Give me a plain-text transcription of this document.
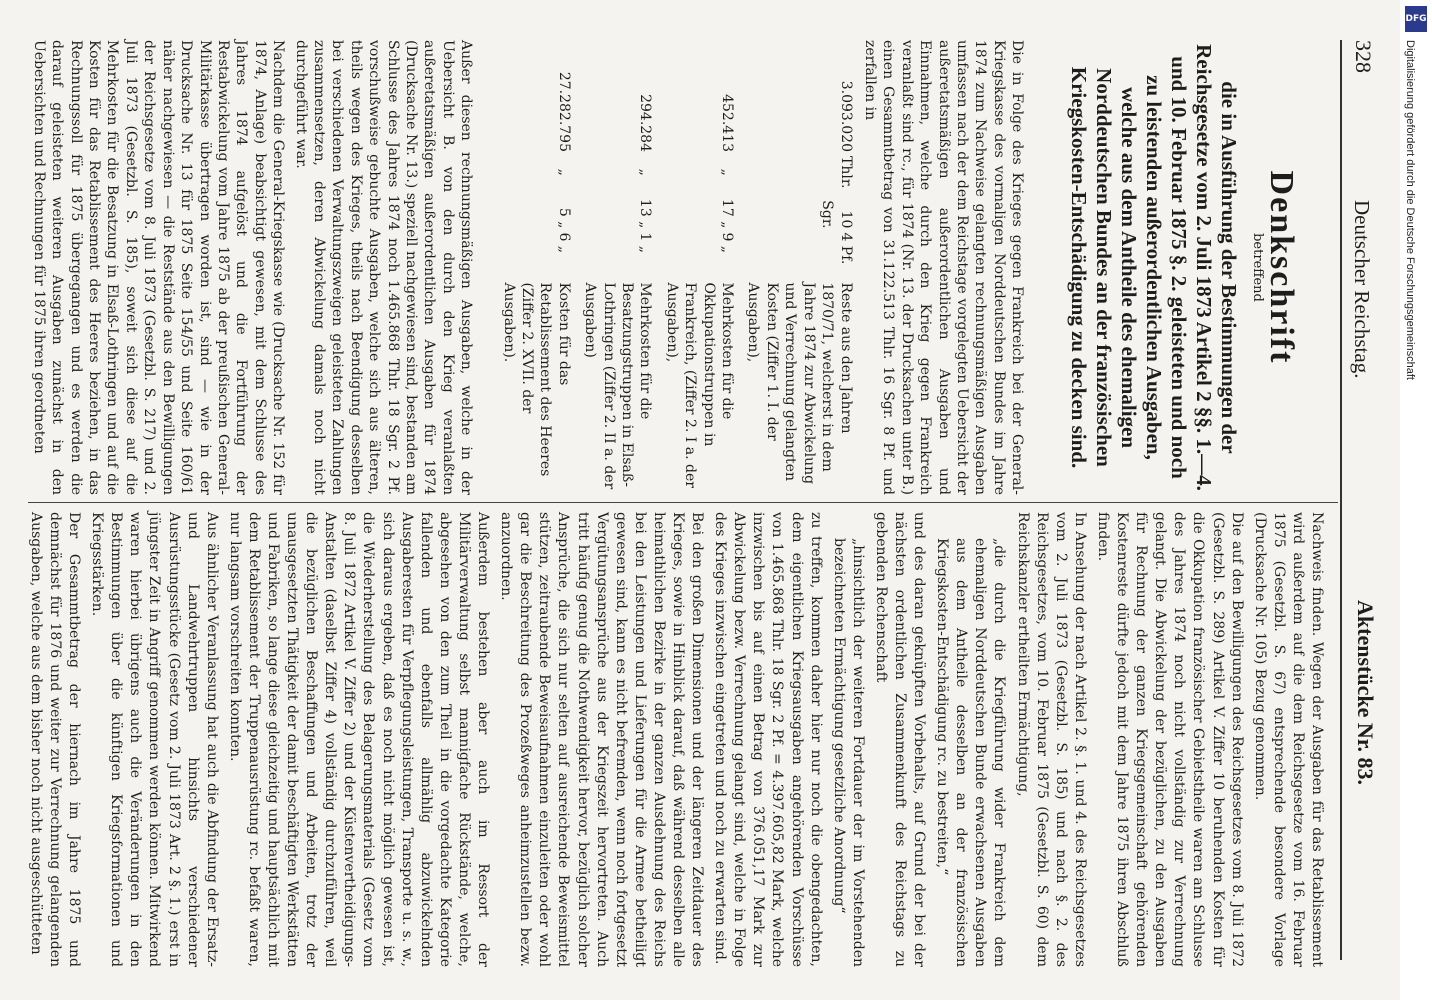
328
Deutscher Reichstag.
Aktenstücke Nr. 83.
Denkschrift
betreffend
die in Ausführung der Bestimmungen der Reichsgesetze vom 2. Juli 1873 Artikel 2 §§. 1.—4. und 10. Februar 1875 §. 2. geleisteten und noch zu leistenden außerordentlichen Ausgaben, welche aus dem Antheile des ehemaligen Norddeutschen Bundes an der französischen Kriegskosten-Entschädigung zu decken sind.

Die in Folge des Krieges gegen Frankreich bei der General-Kriegskasse des vormaligen Norddeutschen Bundes im Jahre 1874 zum Nachweise gelangten rechnungsmäßigen Ausgaben umfassen nach der dem Reichstage vorgelegten Uebersicht der außeretatsmäßigen außerordentlichen Ausgaben und Einnahmen, welche durch den Krieg gegen Frankreich veranlaßt sind rc., für 1874 (Nr. 13. der Drucksachen unter B.) einen Gesammtbetrag von 31.122.513 Thlr. 16 Sgr. 8 Pf. und zerfallen in

3.093.020	Thlr.	10 Sgr.	4 Pf.	Reste aus den Jahren 1870/71, welcherst in dem Jahre 1874 zur Abwickelung und Verrechnung gelangten Kosten (Ziffer 1. I. der Ausgaben),
452.413	„	17 „	9 „	Mehrkosten für die Okkupationstruppen in Frankreich, (Ziffer 2. I a. der Ausgaben),
294.284	„	13 „	1 „	Mehrkosten für die Besatzungstruppen in Elsaß-Lothringen (Ziffer 2. II a. der Ausgaben)
27.282.795	„	5 „	6 „	Kosten für das Retablissement des Heeres (Ziffer 2. XVII. der Ausgaben).

Außer diesen rechnungsmäßigen Ausgaben, welche in der Uebersicht B. von den durch den Krieg veranlaßten außeretatsmäßigen außerordentlichen Ausgaben für 1874 (Drucksache Nr. 13.) speziell nachgewiesen sind, bestanden am Schlusse des Jahres 1874 noch 1.465.868 Thlr. 18 Sgr. 2 Pf. vorschußweise gebuchte Ausgaben, welche sich aus älteren, theils wegen des Krieges, theils nach Beendigung desselben bei verschiedenen Verwaltungszweigen geleisteten Zahlungen zusammensetzen, deren Abwickelung damals noch nicht durchgeführt war.

Nachdem die General-Kriegskasse wie (Drucksache Nr. 152 für 1874, Anlage) beabsichtigt gewesen, mit dem Schlusse des Jahres 1874 aufgelöst und die Fortführung der Restabwickelung vom Jahre 1875 ab der preußischen General-Militärkasse übertragen worden ist, sind — wie in der Drucksache Nr. 13 für 1875 Seite 154/55 und Seite 160/61 näher nachgewiesen — die Reststände aus den Bewilligungen der Reichsgesetze vom 8. Juli 1873 (Gesetzbl. S. 217) und 2. Juli 1873 (Gesetzbl. S. 185), soweit sich diese auf die Mehrkosten für die Besatzung in Elsaß-Lothringen und auf die Kosten für das Retablissement des Heeres beziehen, in das Rechnungssoll für 1875 übergegangen und es werden die darauf geleisteten weiteren Ausgaben zunächst in den Uebersichten und Rechnungen für 1875 ihren geordneten

Nachweis finden. Wegen der Ausgaben für das Retablissement wird außerdem auf die dem Reichsgesetze vom 16. Februar 1875 (Gesetzbl. S. 67) entsprechende besondere Vorlage (Drucksache Nr. 105) Bezug genommen.

Die auf den Bewilligungen des Reichsgesetzes vom 8. Juli 1872 (Gesetzbl. S. 289) Artikel V. Ziffer 10 beruhenden Kosten für die Okkupation französischer Gebietstheile waren am Schlusse des Jahres 1874 noch nicht vollständig zur Verrechnung gelangt. Die Abwickelung der bezüglichen, zu den Ausgaben für Rechnung der ganzen Kriegsgemeinschaft gehörenden Kostenreste dürfte jedoch mit dem Jahre 1875 ihren Abschluß finden.

In Ansehung der nach Artikel 2. §. 1. und 4. des Reichsgesetzes vom 2. Juli 1873 (Gesetzbl. S. 185) und nach §. 2. des Reichsgesetzes, vom 10. Februar 1875 (Gesetzbl. S. 60) dem Reichskanzler ertheilten Ermächtigung,

„die durch die Kriegführung wider Frankreich dem ehemaligen Norddeutschen Bunde erwachsenen Ausgaben aus dem Antheile desselben an der französischen Kriegskosten-Entschädigung rc. zu bestreiten,“

und des daran geknüpften Vorbehalts, auf Grund der bei der nächsten ordentlichen Zusammenkunft des Reichstags zu gebenden Rechenschaft

„hinsichtlich der weiteren Fortdauer der im Vorstehenden bezeichneten Ermächtigung gesetzliche Anordnung“

zu treffen, kommen daher hier nur noch die obengedachten, dem eigentlichen Kriegsausgaben angehörenden Vorschüsse von 1.465.868 Thlr. 18 Sgr. 2 Pf. = 4.397.605,82 Mark, welche inzwischen bis auf einen Betrag von 376.051,17 Mark zur Abwickelung bezw. Verrechnung gelangt sind, welche in Folge des Krieges inzwischen eingetreten und noch zu erwarten sind.

Bei den großen Dimensionen und der längeren Zeitdauer des Krieges, sowie in Hinblick darauf, daß während desselben alle heimathlichen Bezirke in der ganzen Ausdehnung des Reichs bei den Leistungen und Lieferungen für die Armee betheiligt gewesen sind, kann es nicht befremden, wenn noch fortgesetzt Vergütungsansprüche aus der Kriegszeit hervortreten. Auch tritt häufig genug die Nothwendigkeit hervor, bezüglich solcher Ansprüche, die sich nur selten auf ausreichende Beweismittel stützen, zeitraubende Beweisaufnahmen einzuleiten oder wohl gar die Beschreitung des Prozeßweges anheimzustellen bezw. anzuordnen.

Außerdem bestehen aber auch im Ressort der Militärverwaltung selbst mannigfache Rückstände, welche, abgesehen von den zum Theil in die vorgedachte Kategorie fallenden und ebenfalls allmählig abzuwickelnden Ausgaberesten für Verpflegungsleistungen, Transporte u. s. w., sich daraus ergeben, daß es noch nicht möglich gewesen ist, die Wiederherstellung des Belagerungsmaterials (Gesetz vom 8. Juli 1872 Artikel V. Ziffer 2) und der Küstenvertheidigungs-Anstalten (daselbst Ziffer 4) vollständig durchzuführen, weil die bezüglichen Beschaffungen und Arbeiten, trotz der unausgesetzten Thätigkeit der damit beschäftigten Werkstätten und Fabriken, so lange diese gleichzeitig und hauptsächlich mit dem Retablissement der Truppenausrüstung rc. befaßt waren, nur langsam vorschreiten konnten.

Aus ähnlicher Veranlassung hat auch die Abfindung der Ersatz- und Landwehrtruppen hinsichts verschiedener Ausrüstungsstücke (Gesetz vom 2. Juli 1873 Art. 2 §. 1.) erst in jüngster Zeit in Angriff genommen werden können. Mitwirkend waren hierbei übrigens auch die Veränderungen in den Bestimmungen über die künftigen Kriegsformationen und Kriegsstärken.

Der Gesammtbetrag der hiernach im Jahre 1875 und demnächst für 1876 und weiter zur Verrechnung gelangenden Ausgaben, welche aus dem bisher noch nicht ausgeschütteten

DFG
Digitalisierung gefördert durch die Deutsche Forschungsgemeinschaft
